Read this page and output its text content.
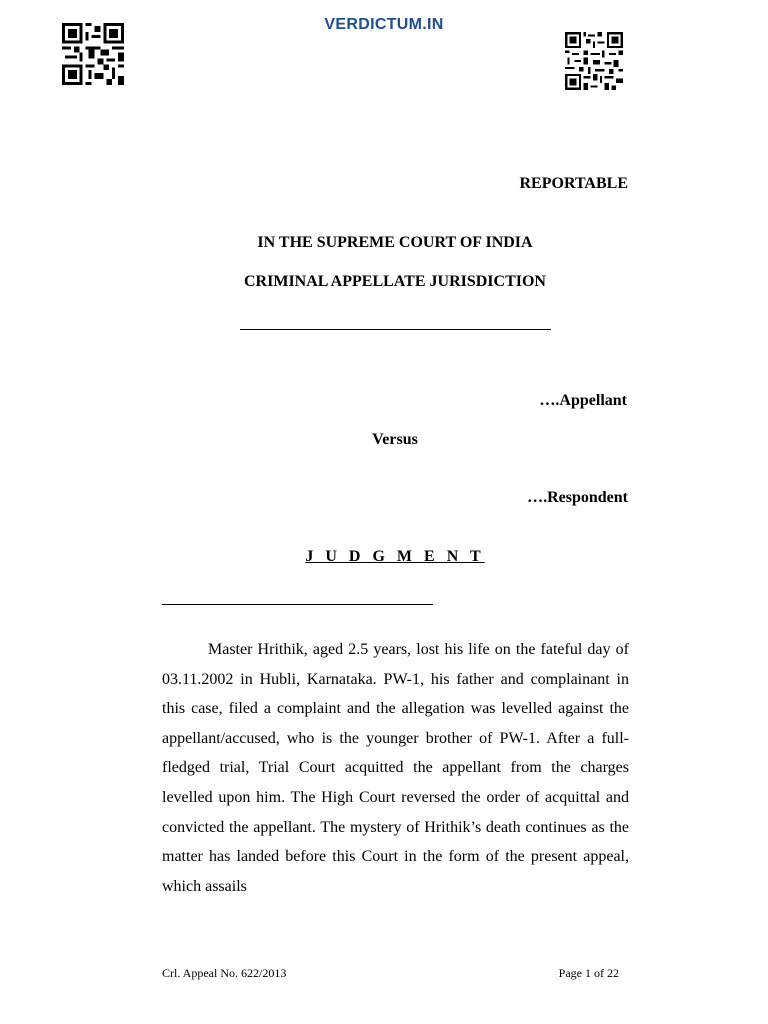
VERDICTUM.IN
REPORTABLE
IN THE SUPREME COURT OF INDIA
CRIMINAL APPELLATE JURISDICTION
….Appellant
Versus
….Respondent
J U D G M E N T

Master Hrithik, aged 2.5 years, lost his life on the fateful day of 03.11.2002 in Hubli, Karnataka. PW-1, his father and complainant in this case, filed a complaint and the allegation was levelled against the appellant/accused, who is the younger brother of PW-1. After a full-fledged trial, Trial Court acquitted the appellant from the charges levelled upon him. The High Court reversed the order of acquittal and convicted the appellant. The mystery of Hrithik’s death continues as the matter has landed before this Court in the form of the present appeal, which assails

Crl. Appeal No. 622/2013	Page 1 of 22
